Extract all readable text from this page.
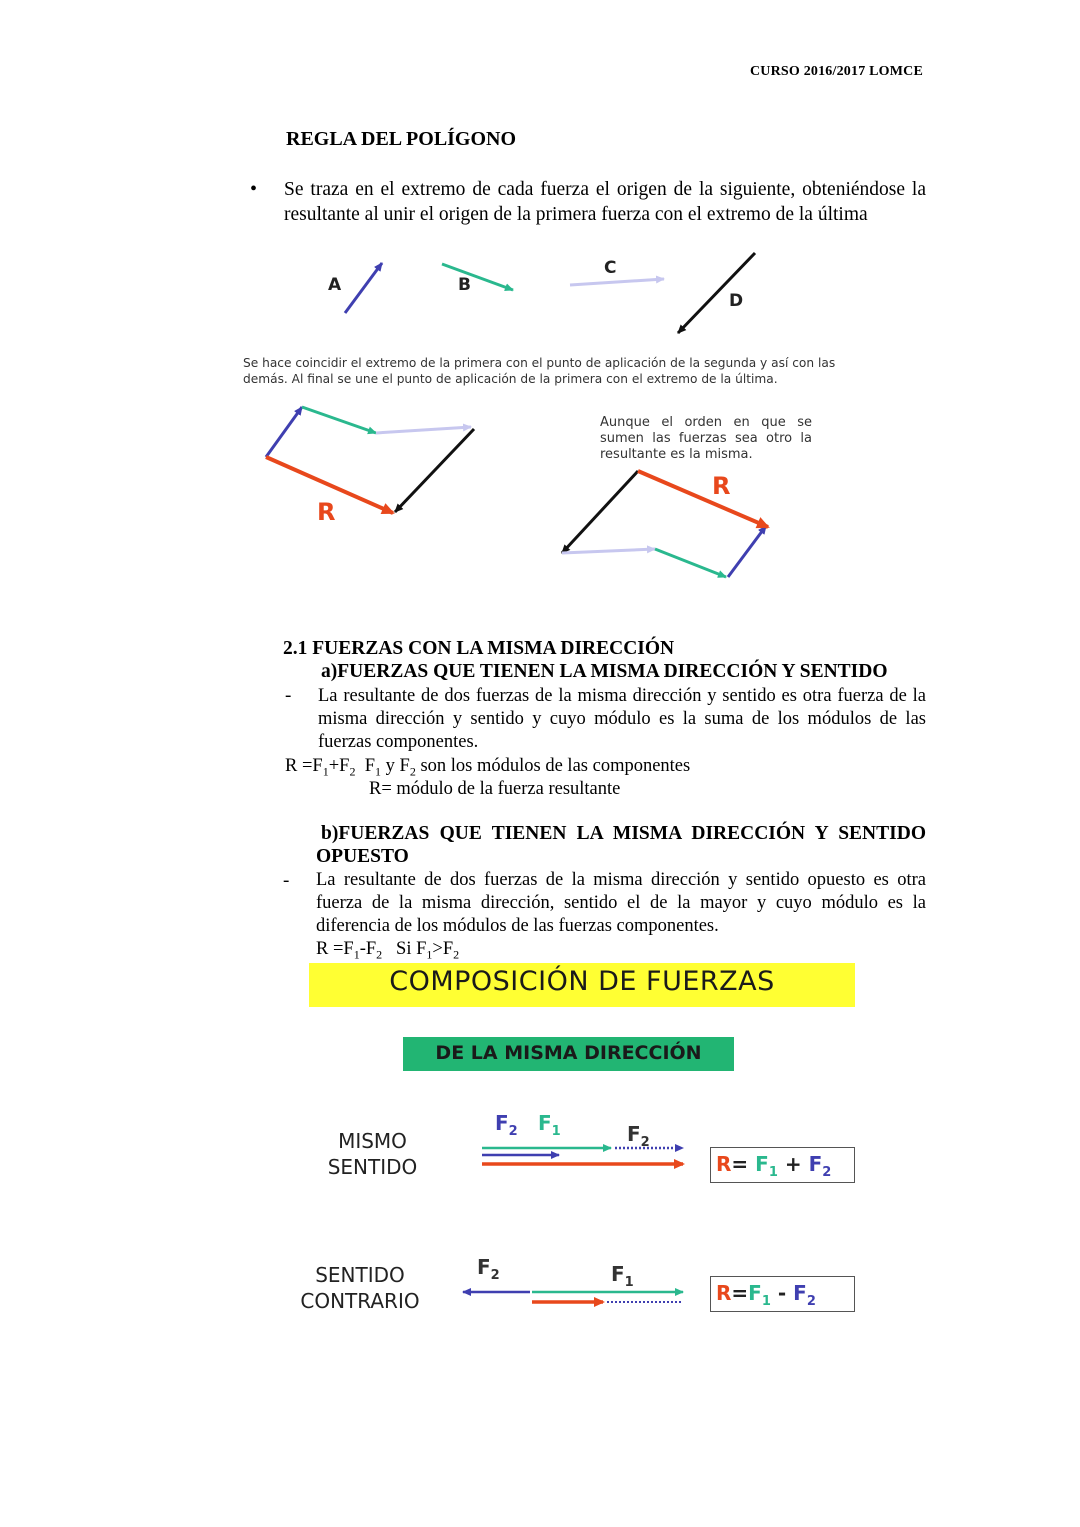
CURSO 2016/2017 LOMCE
REGLA DEL POLÍGONO
• Se traza en el extremo de cada fuerza el origen de la siguiente, obteniéndose la resultante al unir el origen de la primera fuerza con el extremo de la última
A	B
C
D
Se hace coincidir el extremo de la primera con el punto de aplicación de la segunda y así con las demás. Al final se une el punto de aplicación de la primera con el extremo de la última.
R
Aunque el orden en que se sumen las fuerzas sea otro la resultante es la misma.
R
2.1 FUERZAS CON LA MISMA DIRECCIÓN
a)FUERZAS QUE TIENEN LA MISMA DIRECCIÓN Y SENTIDO
- La resultante de dos fuerzas de la misma dirección y sentido es otra fuerza de la misma dirección y sentido y cuyo módulo es la suma de los módulos de las fuerzas componentes.
$R =F_1+F_2$ $F_1$ y $F_2$ son los módulos de las componentes
R= módulo de la fuerza resultante
b)FUERZAS QUE TIENEN LA MISMA DIRECCIÓN Y SENTIDO
OPUESTO
- La resultante de dos fuerzas de la misma dirección y sentido opuesto es otra fuerza de la misma dirección, sentido el de la mayor y cuyo módulo es la diferencia de los módulos de las fuerzas componentes.
$R =F_1-F_2$ Si $F_1>F_2$
COMPOSICIÓN DE FUERZAS
DE LA MISMA DIRECCIÓN
MISMO
SENTIDO
$F_2$ $F_1$	$F_2$
$R= F_1 + F_2$
SENTIDO
CONTRARIO
$F_2$	$F_1$	$R=F_1 - F_2$
